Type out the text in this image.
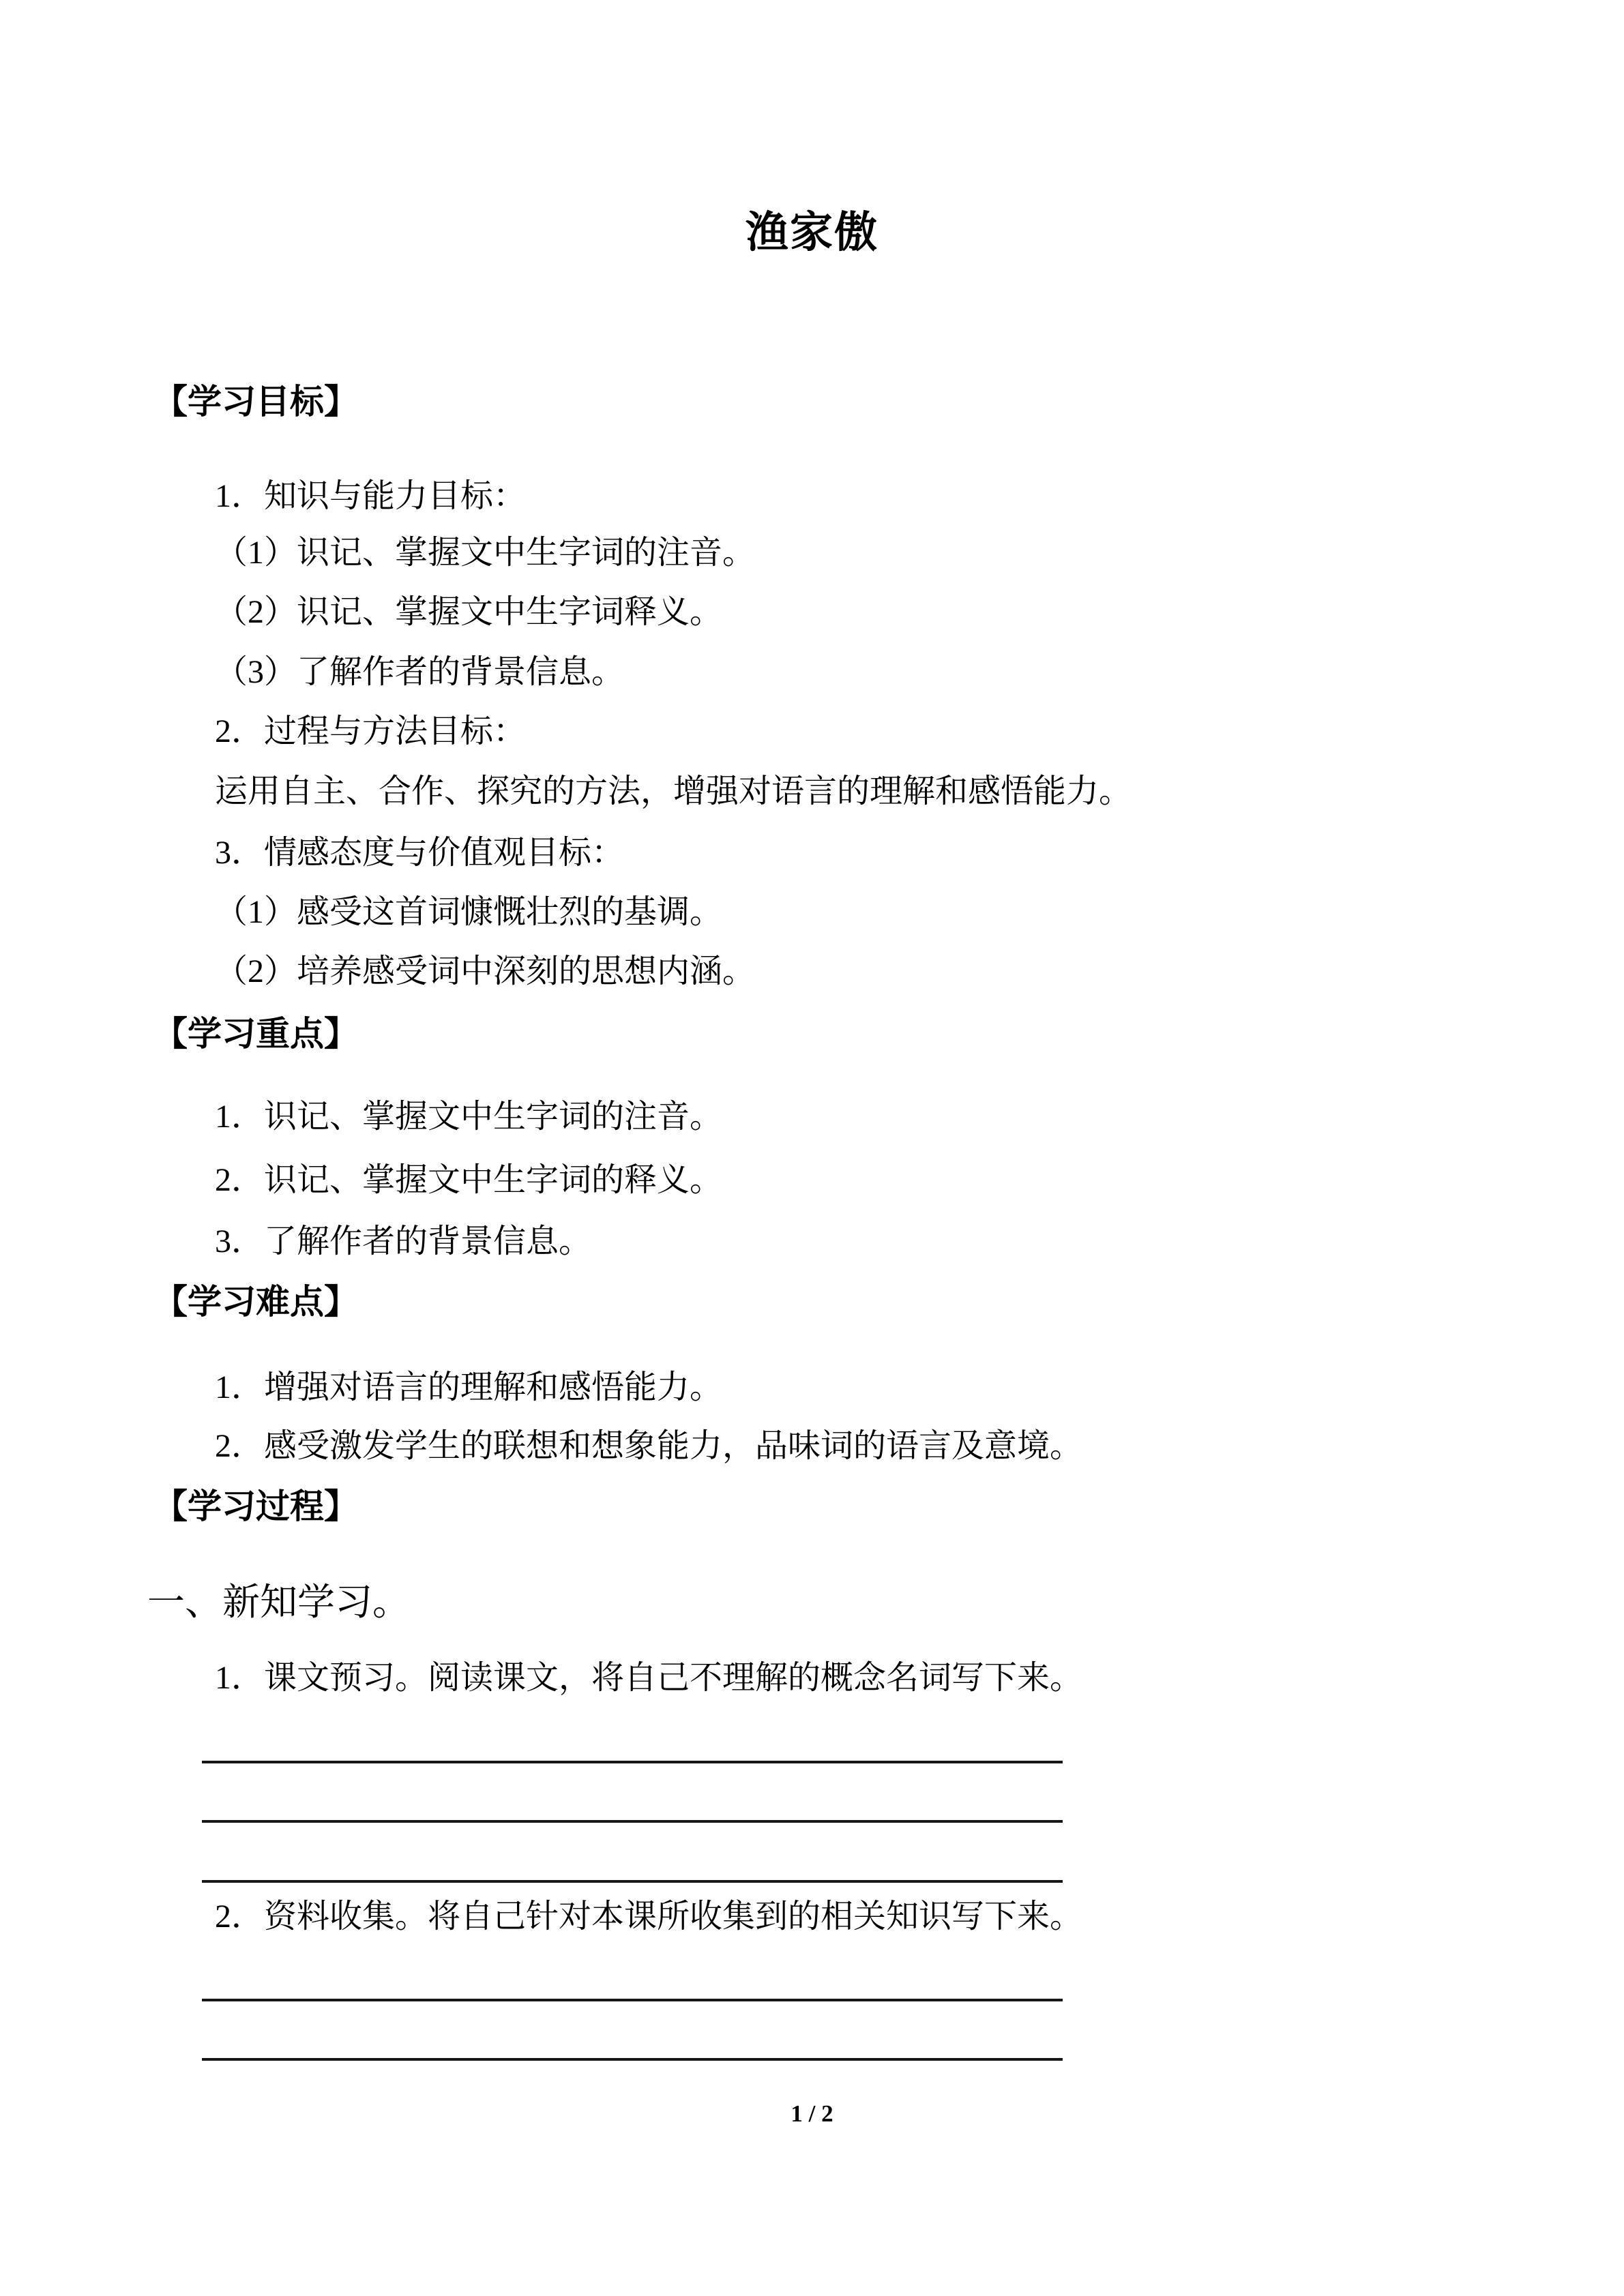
渔家傲
【学习目标】
1．知识与能力目标：
（1）识记、掌握文中生字词的注音。
（2）识记、掌握文中生字词释义。
（3）了解作者的背景信息。
2．过程与方法目标：
运用自主、合作、探究的方法，增强对语言的理解和感悟能力。
3．情感态度与价值观目标：
（1）感受这首词慷慨壮烈的基调。
（2）培养感受词中深刻的思想内涵。
【学习重点】
1．识记、掌握文中生字词的注音。
2．识记、掌握文中生字词的释义。
3．了解作者的背景信息。
【学习难点】
1．增强对语言的理解和感悟能力。
2．感受激发学生的联想和想象能力，品味词的语言及意境。
【学习过程】
一、新知学习。
1．课文预习。阅读课文，将自己不理解的概念名词写下来。
2．资料收集。将自己针对本课所收集到的相关知识写下来。
1 / 2
